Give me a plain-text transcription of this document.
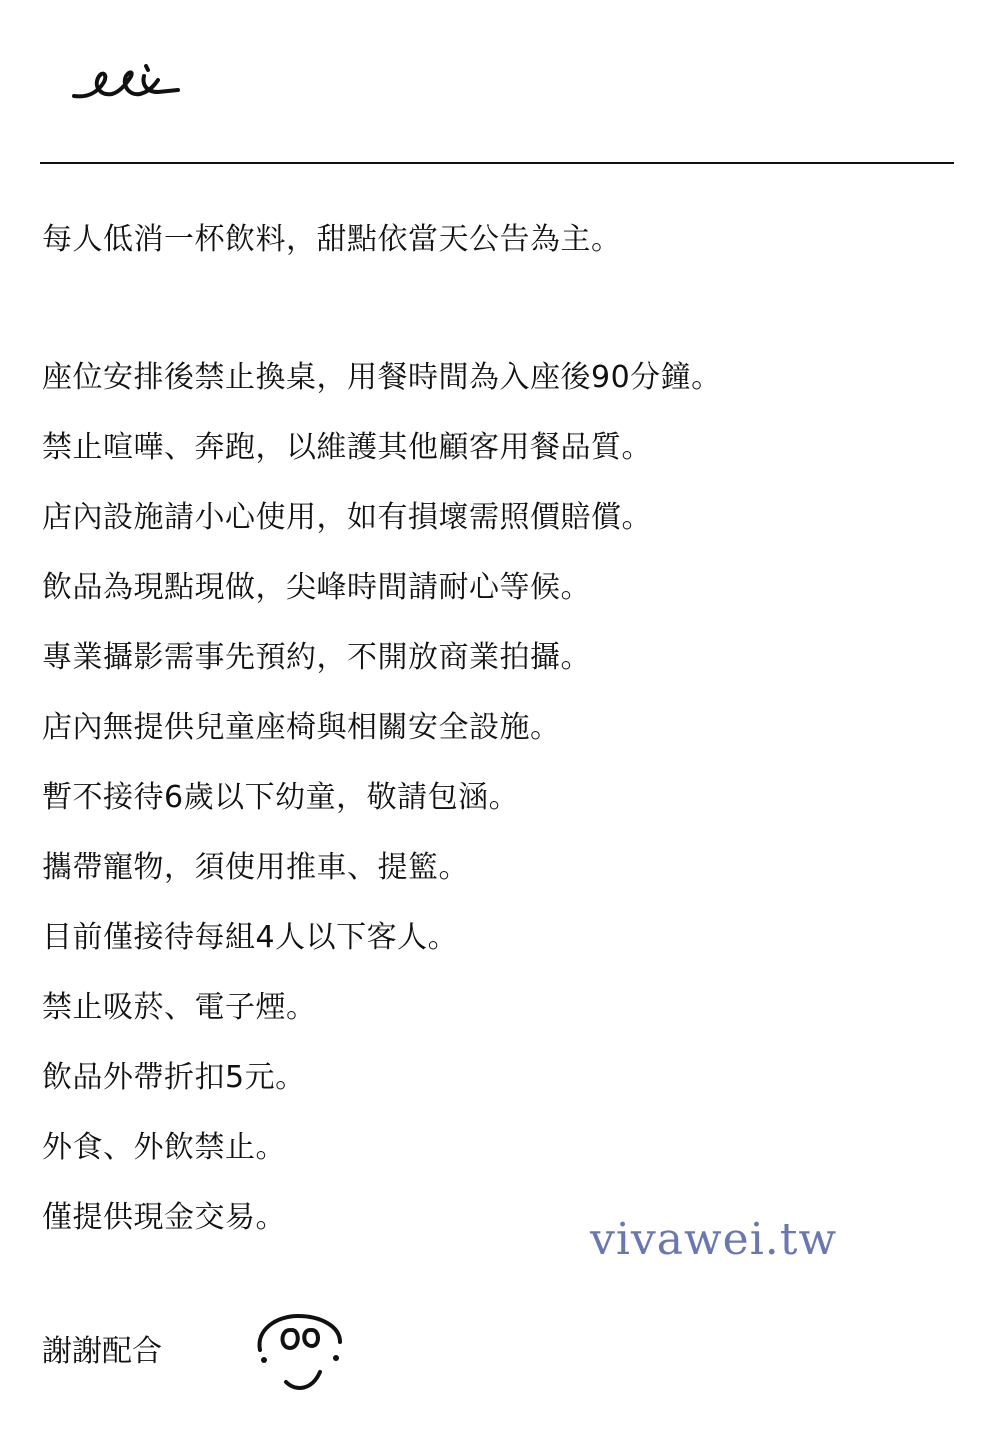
每人低消一杯飲料，甜點依當天公告為主。
座位安排後禁止換桌，用餐時間為入座後90分鐘。
禁止喧嘩、奔跑，以維護其他顧客用餐品質。
店內設施請小心使用，如有損壞需照價賠償。
飲品為現點現做，尖峰時間請耐心等候。
專業攝影需事先預約，不開放商業拍攝。
店內無提供兒童座椅與相關安全設施。
暫不接待6歲以下幼童，敬請包涵。
攜帶寵物，須使用推車、提籃。
目前僅接待每組4人以下客人。
禁止吸菸、電子煙。
飲品外帶折扣5元。
外食、外飲禁止。
僅提供現金交易。	vivawei.tw
謝謝配合
